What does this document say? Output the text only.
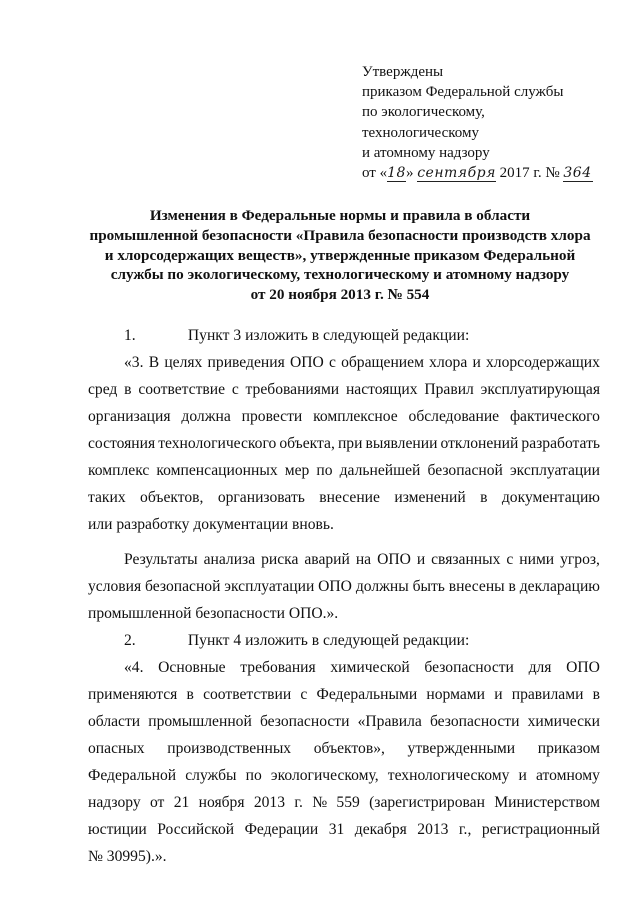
Утверждены
приказом Федеральной службы
по экологическому,
технологическому
и атомному надзору
от «18» сентября 2017 г. № 364
Изменения в Федеральные нормы и правила в области
промышленной безопасности «Правила безопасности производств хлора
и хлорсодержащих веществ», утвержденные приказом Федеральной
службы по экологическому, технологическому и атомному надзору
от 20 ноября 2013 г. № 554
1.	Пункт 3 изложить в следующей редакции:
«3. В целях приведения ОПО с обращением хлора и хлорсодержащих
сред в соответствие с требованиями настоящих Правил эксплуатирующая
организация должна провести комплексное обследование фактического
состояния технологического объекта, при выявлении отклонений разработать
комплекс компенсационных мер по дальнейшей безопасной эксплуатации
таких объектов, организовать внесение изменений в документацию
или разработку документации вновь.
Результаты анализа риска аварий на ОПО и связанных с ними угроз,
условия безопасной эксплуатации ОПО должны быть внесены в декларацию
промышленной безопасности ОПО.».
2.	Пункт 4 изложить в следующей редакции:
«4. Основные требования химической безопасности для ОПО
применяются в соответствии с Федеральными нормами и правилами в
области промышленной безопасности «Правила безопасности химически
опасных производственных объектов», утвержденными приказом
Федеральной службы по экологическому, технологическому и атомному
надзору от 21 ноября 2013 г. № 559 (зарегистрирован Министерством
юстиции Российской Федерации 31 декабря 2013 г., регистрационный
№ 30995).».
